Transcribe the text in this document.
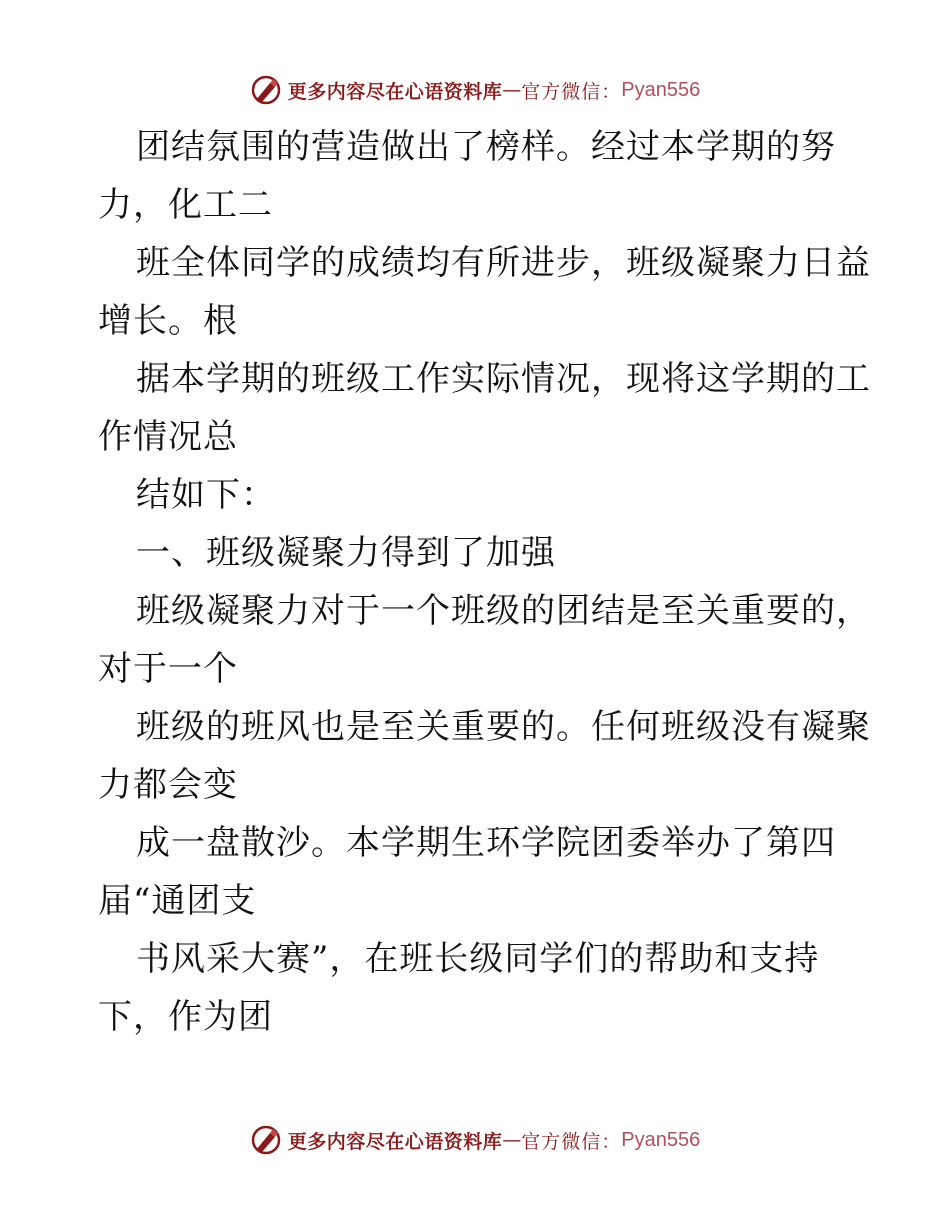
更多内容尽在心语资料库 — 官方微信： Pyan556
团结氛围的营造做出了榜样。经过本学期的努
力，化工二
班全体同学的成绩均有所进步，班级凝聚力日益
增长。根
据本学期的班级工作实际情况，现将这学期的工
作情况总
结如下：
一、班级凝聚力得到了加强
班级凝聚力对于一个班级的团结是至关重要的，
对于一个
班级的班风也是至关重要的。任何班级没有凝聚
力都会变
成一盘散沙。本学期生环学院团委举办了第四
届“通团支
书风采大赛”，在班长级同学们的帮助和支持
下，作为团
更多内容尽在心语资料库 — 官方微信： Pyan556
